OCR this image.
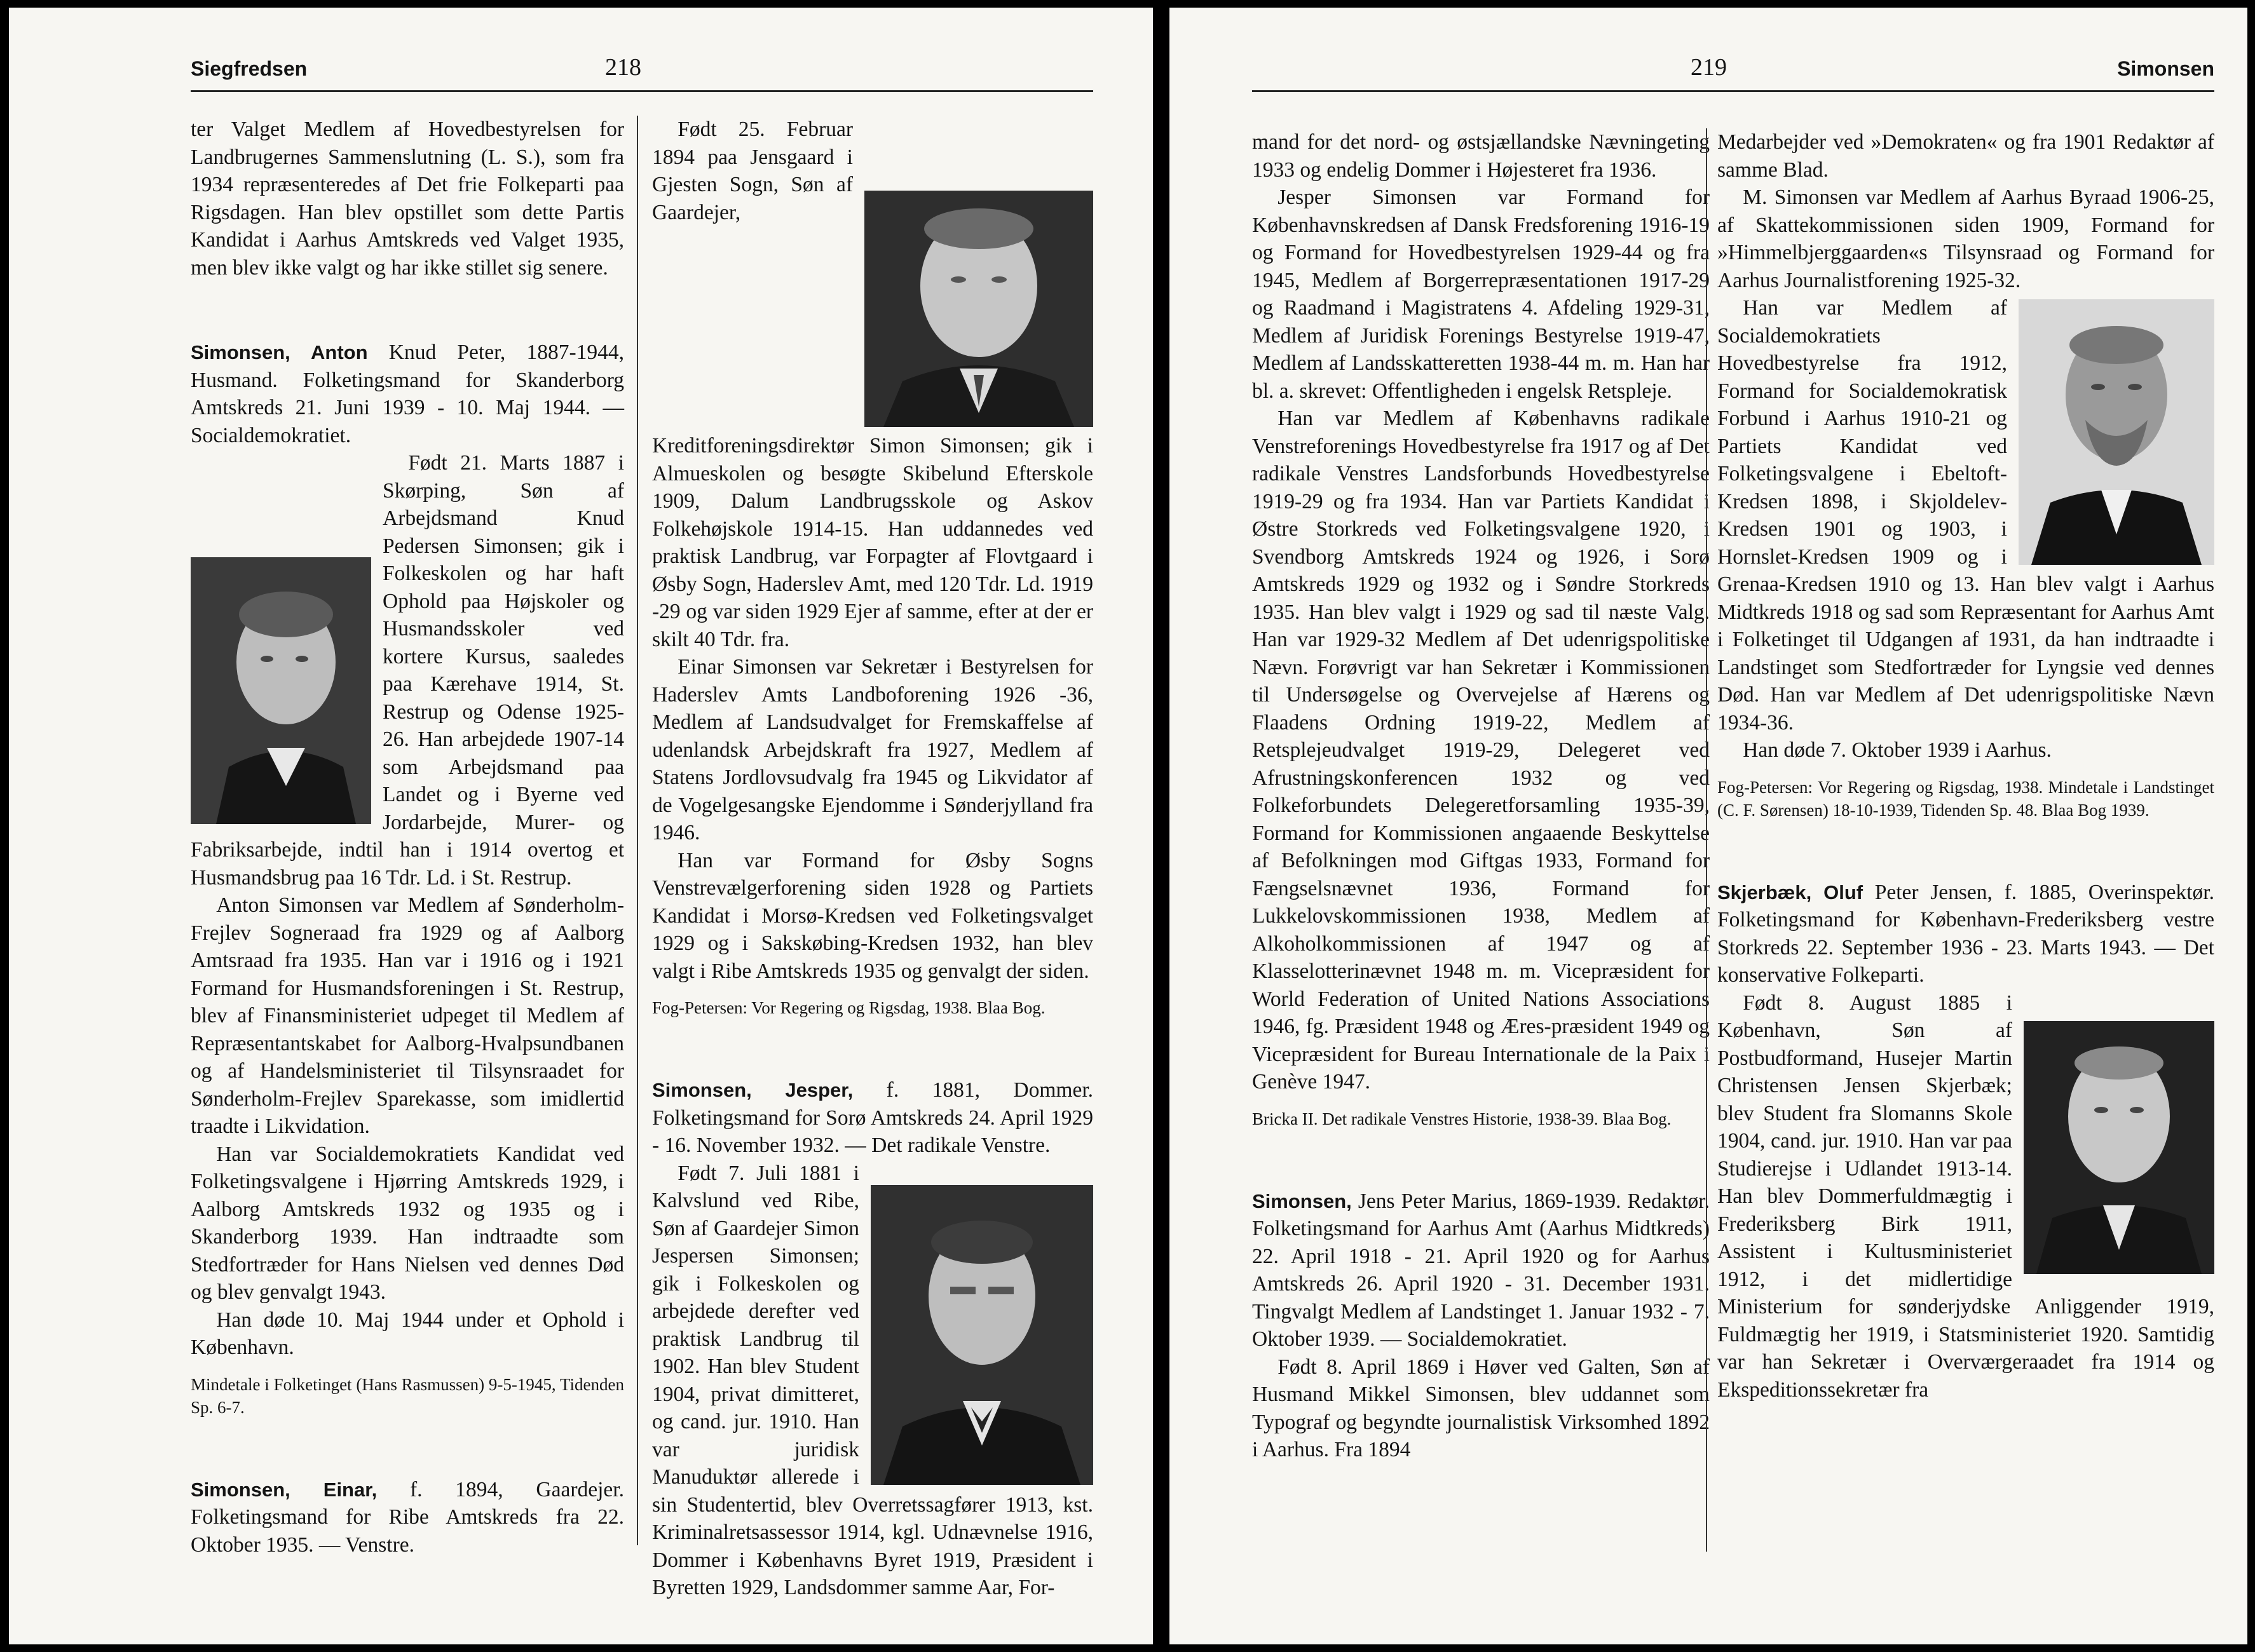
Siegfredsen	218

ter Valget Medlem af Hovedbestyrelsen for Landbrugernes Sammenslutning (L. S.), som fra 1934 repræsenteredes af Det frie Folkeparti paa Rigsdagen. Han blev opstillet som dette Partis Kandidat i Aarhus Amtskreds ved Valget 1935, men blev ikke valgt og har ikke stillet sig senere.

Simonsen, Anton Knud Peter, 1887-1944, Husmand. Folketingsmand for Skanderborg Amtskreds 21. Juni 1939 - 10. Maj 1944. — Socialdemokratiet.

Født 21. Marts 1887 i Skørping, Søn af Arbejdsmand Knud Pedersen Simonsen; gik i Folkeskolen og har haft Ophold paa Højskoler og Husmandsskoler ved kortere Kursus, saaledes paa Kærehave 1914, St. Restrup og Odense 1925-26. Han arbejdede 1907-14 som Arbejdsmand paa Landet og i Byerne ved Jordarbejde, Murer- og Fabriksarbejde, indtil han i 1914 overtog et Husmandsbrug paa 16 Tdr. Ld. i St. Restrup.

Anton Simonsen var Medlem af Sønderholm-Frejlev Sogneraad fra 1929 og af Aalborg Amtsraad fra 1935. Han var i 1916 og i 1921 Formand for Husmandsforeningen i St. Restrup, blev af Finansministeriet udpeget til Medlem af Repræsentantskabet for Aalborg-Hvalpsundbanen og af Handelsministeriet til Tilsynsraadet for Sønderholm-Frejlev Sparekasse, som imidlertid traadte i Likvidation.

Han var Socialdemokratiets Kandidat ved Folketingsvalgene i Hjørring Amtskreds 1929, i Aalborg Amtskreds 1932 og 1935 og i Skanderborg 1939. Han indtraadte som Stedfortræder for Hans Nielsen ved dennes Død og blev genvalgt 1943.

Han døde 10. Maj 1944 under et Ophold i København.

Mindetale i Folketinget (Hans Rasmussen) 9-5-1945, Tidenden Sp. 6-7.

Simonsen, Einar, f. 1894, Gaardejer. Folketingsmand for Ribe Amtskreds fra 22. Oktober 1935. — Venstre.

Født 25. Februar 1894 paa Jensgaard i Gjesten Sogn, Søn af Gaardejer, Kreditforeningsdirektør Simon Simonsen; gik i Almueskolen og besøgte Skibelund Efterskole 1909, Dalum Landbrugsskole og Askov Folkehøjskole 1914-15. Han uddannedes ved praktisk Landbrug, var Forpagter af Flovtgaard i Øsby Sogn, Haderslev Amt, med 120 Tdr. Ld. 1919 -29 og var siden 1929 Ejer af samme, efter at der er skilt 40 Tdr. fra.

Einar Simonsen var Sekretær i Bestyrelsen for Haderslev Amts Landboforening 1926 -36, Medlem af Landsudvalget for Fremskaffelse af udenlandsk Arbejdskraft fra 1927, Medlem af Statens Jordlovsudvalg fra 1945 og Likvidator af de Vogelgesangske Ejendomme i Sønderjylland fra 1946.

Han var Formand for Øsby Sogns Venstrevælgerforening siden 1928 og Partiets Kandidat i Morsø-Kredsen ved Folketingsvalget 1929 og i Sakskøbing-Kredsen 1932, han blev valgt i Ribe Amtskreds 1935 og genvalgt der siden.

Fog-Petersen: Vor Regering og Rigsdag, 1938. Blaa Bog.

Simonsen, Jesper, f. 1881, Dommer. Folketingsmand for Sorø Amtskreds 24. April 1929 - 16. November 1932. — Det radikale Venstre.

Født 7. Juli 1881 i Kalvslund ved Ribe, Søn af Gaardejer Simon Jespersen Simonsen; gik i Folkeskolen og arbejdede derefter ved praktisk Landbrug til 1902. Han blev Student 1904, privat dimitteret, og cand. jur. 1910. Han var juridisk Manuduktør allerede i sin Studentertid, blev Overretssagfører 1913, kst. Kriminalretsassessor 1914, kgl. Udnævnelse 1916, Dommer i Københavns Byret 1919, Præsident i Byretten 1929, Landsdommer samme Aar, For-

219	Simonsen

mand for det nord- og østsjællandske Nævningeting 1933 og endelig Dommer i Højesteret fra 1936.

Jesper Simonsen var Formand for Københavnskredsen af Dansk Fredsforening 1916-19 og Formand for Hovedbestyrelsen 1929-44 og fra 1945, Medlem af Borgerrepræsentationen 1917-29 og Raadmand i Magistratens 4. Afdeling 1929-31, Medlem af Juridisk Forenings Bestyrelse 1919-47, Medlem af Landsskatteretten 1938-44 m. m. Han har bl. a. skrevet: Offentligheden i engelsk Retspleje.

Han var Medlem af Københavns radikale Venstreforenings Hovedbestyrelse fra 1917 og af Det radikale Venstres Landsforbunds Hovedbestyrelse 1919-29 og fra 1934. Han var Partiets Kandidat i Østre Storkreds ved Folketingsvalgene 1920, i Svendborg Amtskreds 1924 og 1926, i Sorø Amtskreds 1929 og 1932 og i Søndre Storkreds 1935. Han blev valgt i 1929 og sad til næste Valg. Han var 1929-32 Medlem af Det udenrigspolitiske Nævn. Forøvrigt var han Sekretær i Kommissionen til Undersøgelse og Overvejelse af Hærens og Flaadens Ordning 1919-22, Medlem af Retsplejeudvalget 1919-29, Delegeret ved Afrustningskonferencen 1932 og ved Folkeforbundets Delegeretforsamling 1935-39, Formand for Kommissionen angaaende Beskyttelse af Befolkningen mod Giftgas 1933, Formand for Fængselsnævnet 1936, Formand for Lukkelovskommissionen 1938, Medlem af Alkoholkommissionen af 1947 og af Klasselotterinævnet 1948 m. m. Vicepræsident for World Federation of United Nations Associations 1946, fg. Præsident 1948 og Æres-præsident 1949 og Vicepræsident for Bureau Internationale de la Paix i Genève 1947.

Bricka II. Det radikale Venstres Historie, 1938-39. Blaa Bog.

Simonsen, Jens Peter Marius, 1869-1939. Redaktør. Folketingsmand for Aarhus Amt (Aarhus Midtkreds) 22. April 1918 - 21. April 1920 og for Aarhus Amtskreds 26. April 1920 - 31. December 1931. Tingvalgt Medlem af Landstinget 1. Januar 1932 - 7. Oktober 1939. — Socialdemokratiet.

Født 8. April 1869 i Høver ved Galten, Søn af Husmand Mikkel Simonsen, blev uddannet som Typograf og begyndte journalistisk Virksomhed 1892 i Aarhus. Fra 1894

Medarbejder ved »Demokraten« og fra 1901 Redaktør af samme Blad.

M. Simonsen var Medlem af Aarhus Byraad 1906-25, af Skattekommissionen siden 1909, Formand for »Himmelbjerggaarden«s Tilsynsraad og Formand for Aarhus Journalistforening 1925-32.

Han var Medlem af Socialdemokratiets Hovedbestyrelse fra 1912, Formand for Socialdemokratisk Forbund i Aarhus 1910-21 og Partiets Kandidat ved Folketingsvalgene i Ebeltoft-Kredsen 1898, i Skjoldelev-Kredsen 1901 og 1903, i Hornslet-Kredsen 1909 og i Grenaa-Kredsen 1910 og 13. Han blev valgt i Aarhus Midtkreds 1918 og sad som Repræsentant for Aarhus Amt i Folketinget til Udgangen af 1931, da han indtraadte i Landstinget som Stedfortræder for Lyngsie ved dennes Død. Han var Medlem af Det udenrigspolitiske Nævn 1934-36.

Han døde 7. Oktober 1939 i Aarhus.

Fog-Petersen: Vor Regering og Rigsdag, 1938. Mindetale i Landstinget (C. F. Sørensen) 18-10-1939, Tidenden Sp. 48. Blaa Bog 1939.

Skjerbæk, Oluf Peter Jensen, f. 1885, Overinspektør. Folketingsmand for København-Frederiksberg vestre Storkreds 22. September 1936 - 23. Marts 1943. — Det konservative Folkeparti.

Født 8. August 1885 i København, Søn af Postbudformand, Husejer Martin Christensen Jensen Skjerbæk; blev Student fra Slomanns Skole 1904, cand. jur. 1910. Han var paa Studierejse i Udlandet 1913-14. Han blev Dommerfuldmægtig i Frederiksberg Birk 1911, Assistent i Kultusministeriet 1912, i det midlertidige Ministerium for sønderjydske Anliggender 1919, Fuldmægtig her 1919, i Statsministeriet 1920. Samtidig var han Sekretær i Overværgeraadet fra 1914 og Ekspeditionssekretær fra
